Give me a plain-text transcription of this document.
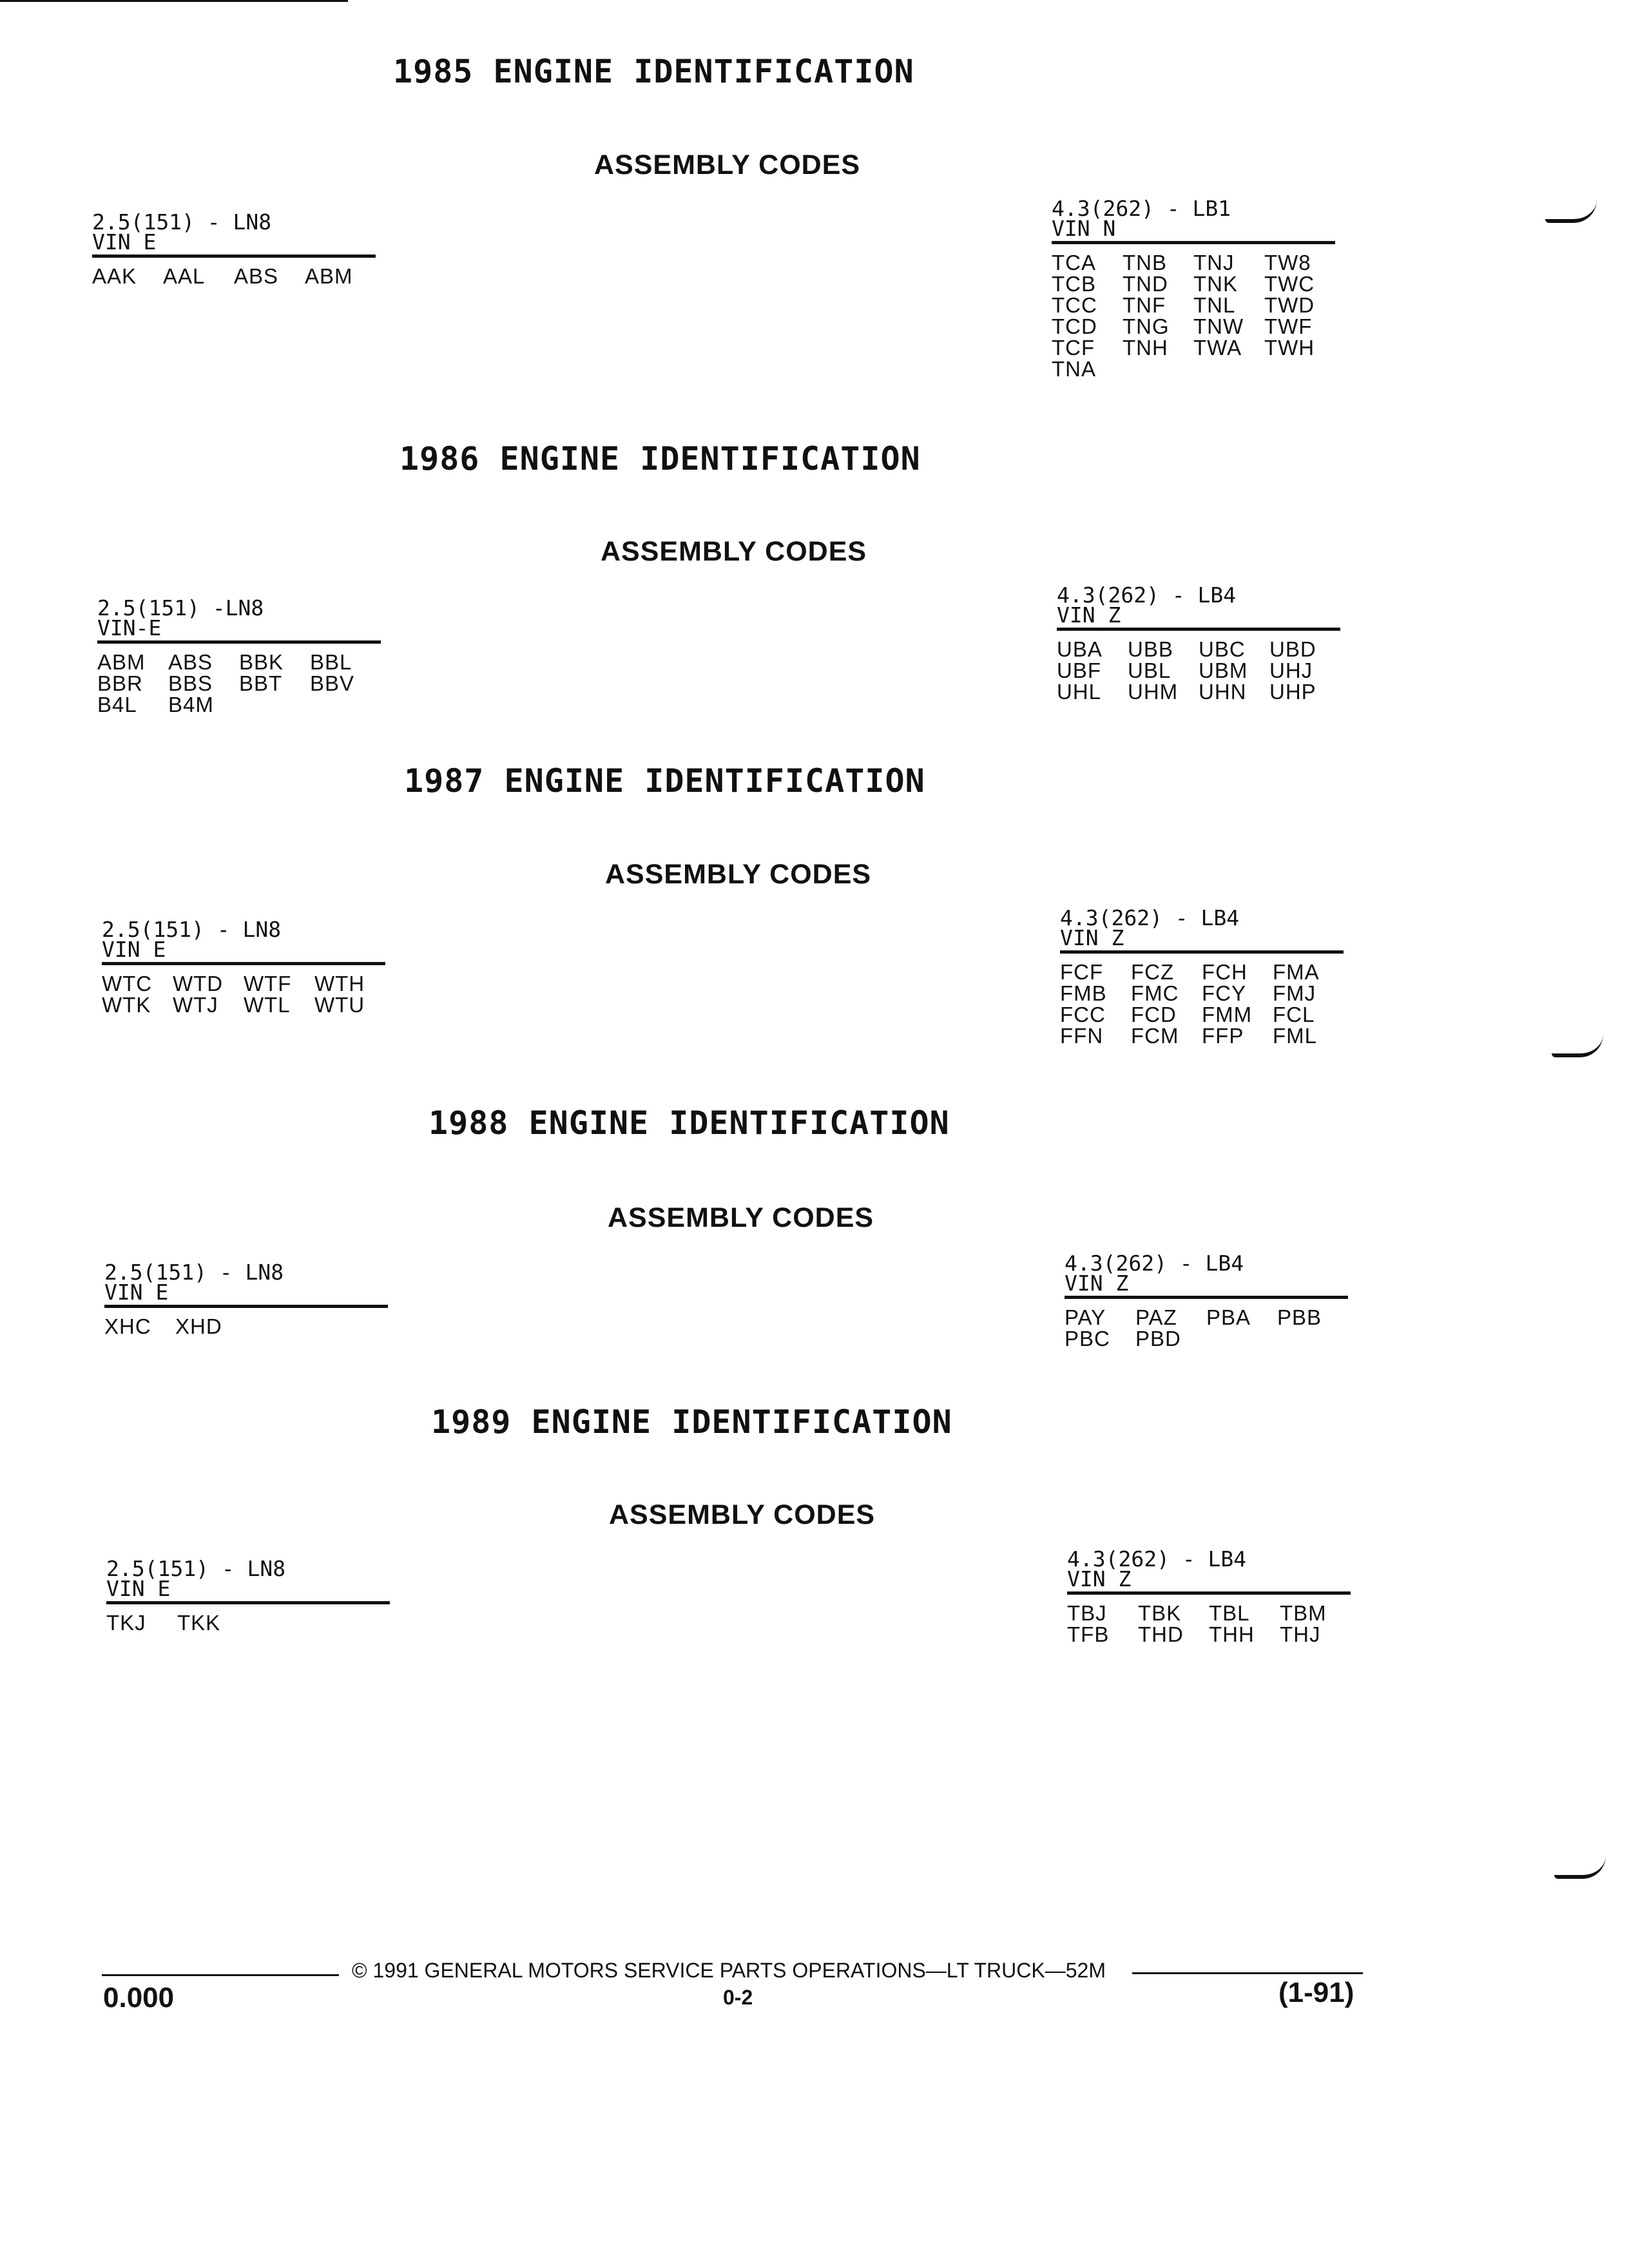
1985 ENGINE IDENTIFICATION
ASSEMBLY CODES
2.5(151) - LN8
VIN E
AAK	AAL	ABS	ABM
4.3(262) - LB1
VIN N
TCA	TNB	TNJ	TW8
TCB	TND	TNK	TWC
TCC	TNF	TNL	TWD
TCD	TNG	TNW TWF
TCF	TNH	TWA	TWH
TNA
1986 ENGINE IDENTIFICATION
ASSEMBLY CODES
2.5(151) -LN8
VIN-E
ABM	ABS	BBK	BBL
BBR	BBS	BBT	BBV
B4L	B4M
4.3(262) - LB4
VIN Z
UBA	UBB	UBC	UBD
UBF	UBL	UBM	UHJ
UHL	UHM UHN	UHP
1987 ENGINE IDENTIFICATION
ASSEMBLY CODES
2.5(151) - LN8
VIN E
WTC WTD WTF	WTH
WTK	WTJ	WTL	WTU
4.3(262) - LB4
VIN Z
FCF	FCZ	FCH	FMA
FMB	FMC	FCY	FMJ
FCC	FCD	FMM FCL
FFN	FCM	FFP	FML
1988 ENGINE IDENTIFICATION
ASSEMBLY CODES
2.5(151) - LN8
VIN E
XHC	XHD
4.3(262) - LB4
VIN Z
PAY	PAZ	PBA	PBB
PBC	PBD
1989 ENGINE IDENTIFICATION
ASSEMBLY CODES
2.5(151) - LN8
VIN E
TKJ	TKK
4.3(262) - LB4
VIN Z
TBJ	TBK	TBL	TBM
TFB	THD	THH	THJ
© 1991 GENERAL MOTORS SERVICE PARTS OPERATIONS—LT TRUCK—52M
0.000	0-2	(1-91)
